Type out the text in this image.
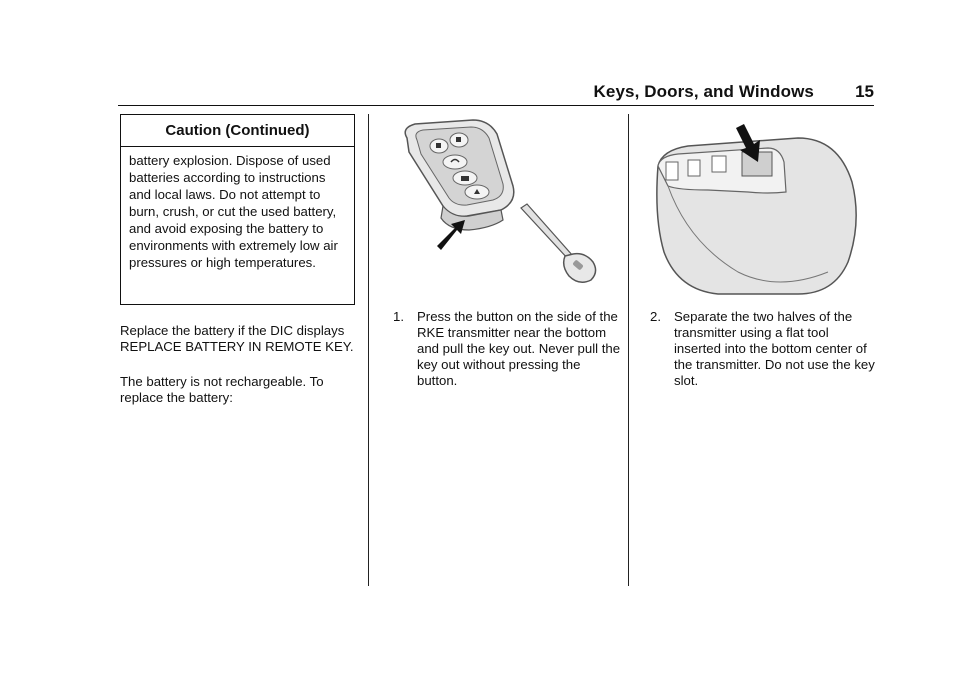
Keys, Doors, and Windows 15
Caution (Continued)
battery explosion. Dispose of used batteries according to instructions and local laws. Do not attempt to burn, crush, or cut the used battery, and avoid exposing the battery to environments with extremely low air pressures or high temperatures.

Replace the battery if the DIC displays REPLACE BATTERY IN REMOTE KEY.

The battery is not rechargeable. To replace the battery:

1. Press the button on the side of the RKE transmitter near the bottom and pull the key out. Never pull the key out without pressing the button.
2. Separate the two halves of the transmitter using a flat tool inserted into the bottom center of the transmitter. Do not use the key slot.
